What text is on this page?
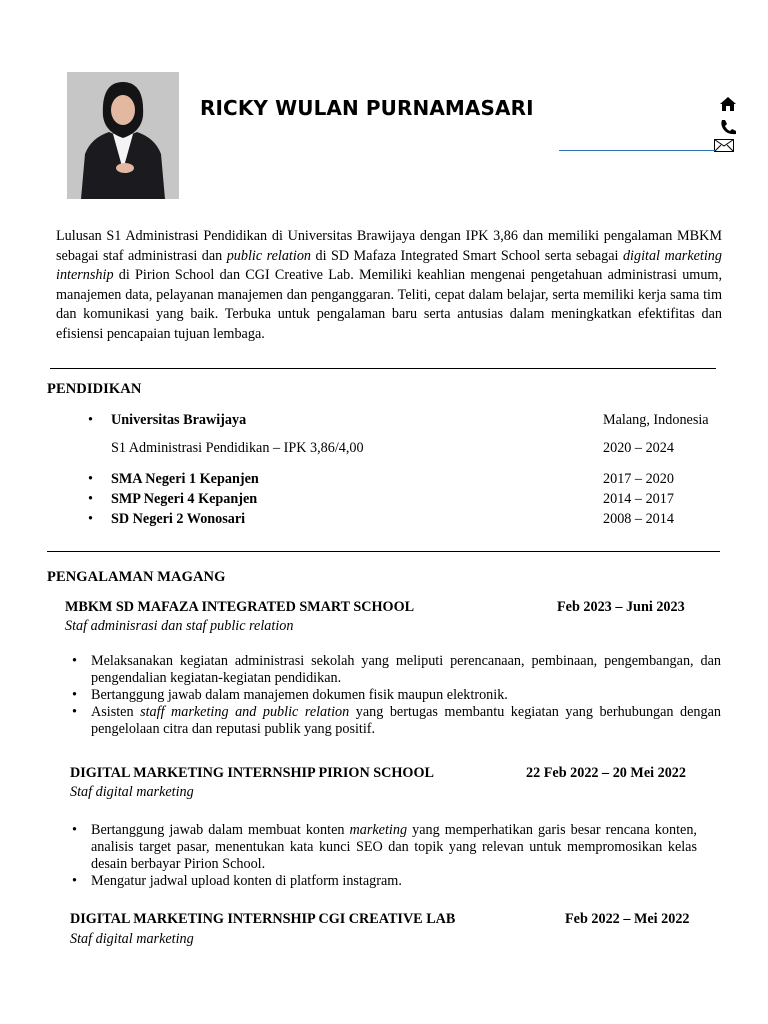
RICKY WULAN PURNAMASARI
Lulusan S1 Administrasi Pendidikan di Universitas Brawijaya dengan IPK 3,86 dan memiliki pengalaman MBKM sebagai staf administrasi dan public relation di SD Mafaza Integrated Smart School serta sebagai digital marketing internship di Pirion School dan CGI Creative Lab. Memiliki keahlian mengenai pengetahuan administrasi umum, manajemen data, pelayanan manajemen dan penganggaran. Teliti, cepat dalam belajar, serta memiliki kerja sama tim dan komunikasi yang baik. Terbuka untuk pengalaman baru serta antusias dalam meningkatkan efektifitas dan efisiensi pencapaian tujuan lembaga.
PENDIDIKAN
• Universitas Brawijaya	Malang, Indonesia
S1 Administrasi Pendidikan – IPK 3,86/4,00	2020 – 2024
• SMA Negeri 1 Kepanjen	2017 – 2020
• SMP Negeri 4 Kepanjen	2014 – 2017
• SD Negeri 2 Wonosari	2008 – 2014
PENGALAMAN MAGANG
MBKM SD MAFAZA INTEGRATED SMART SCHOOL	Feb 2023 – Juni 2023
Staf adminisrasi dan staf public relation
• Melaksanakan kegiatan administrasi sekolah yang meliputi perencanaan, pembinaan, pengembangan, dan pengendalian kegiatan-kegiatan pendidikan.
• Bertanggung jawab dalam manajemen dokumen fisik maupun elektronik.
• Asisten staff marketing and public relation yang bertugas membantu kegiatan yang berhubungan dengan pengelolaan citra dan reputasi publik yang positif.
DIGITAL MARKETING INTERNSHIP PIRION SCHOOL	22 Feb 2022 – 20 Mei 2022
Staf digital marketing
• Bertanggung jawab dalam membuat konten marketing yang memperhatikan garis besar rencana konten, analisis target pasar, menentukan kata kunci SEO dan topik yang relevan untuk mempromosikan kelas desain berbayar Pirion School.
• Mengatur jadwal upload konten di platform instagram.
DIGITAL MARKETING INTERNSHIP CGI CREATIVE LAB	Feb 2022 – Mei 2022
Staf digital marketing
